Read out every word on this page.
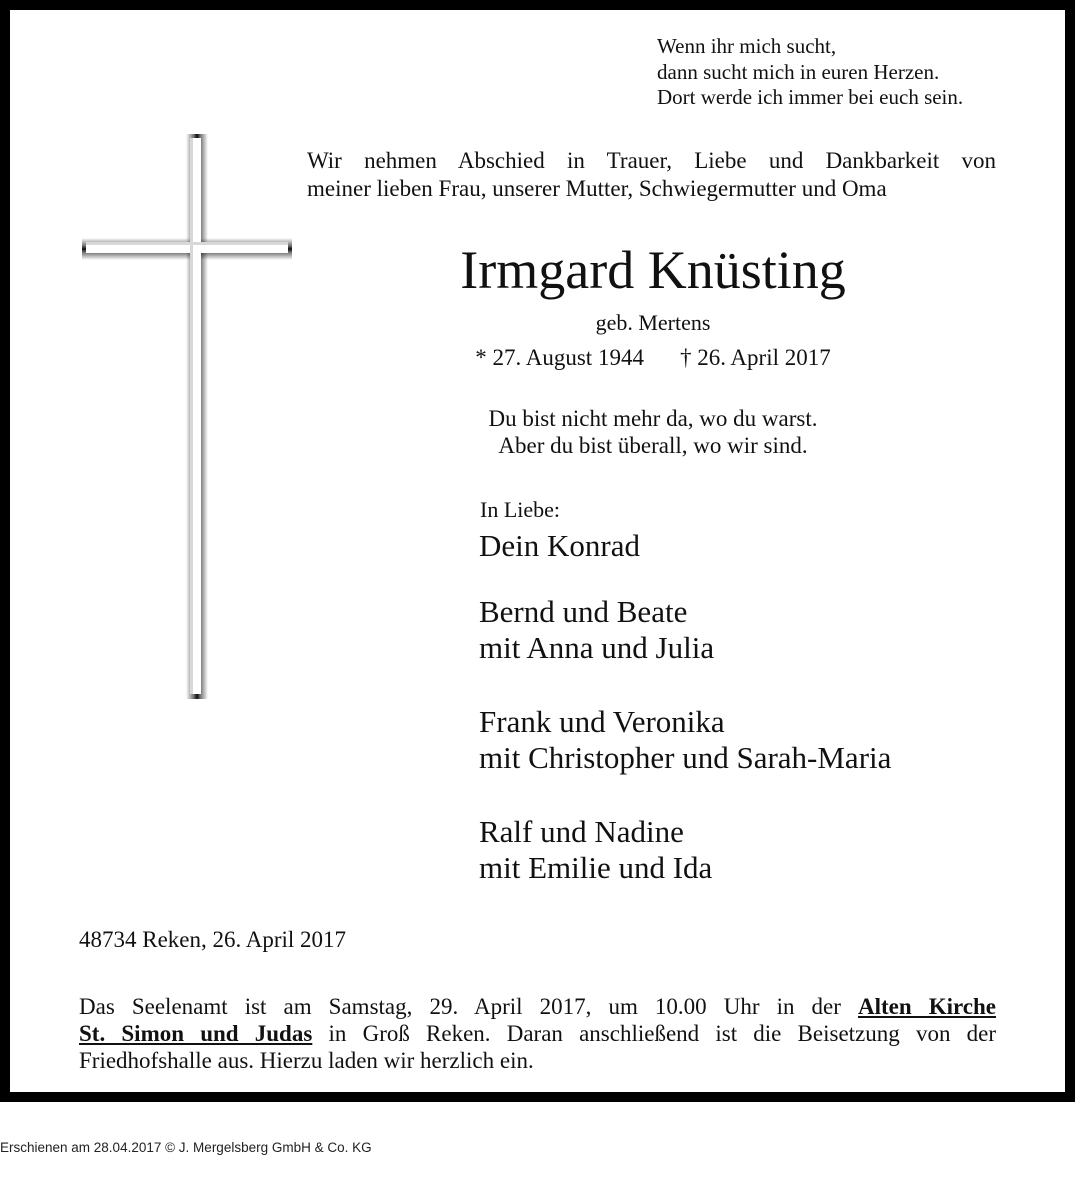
Wenn ihr mich sucht,
dann sucht mich in euren Herzen.
Dort werde ich immer bei euch sein.
Wir nehmen Abschied in Trauer, Liebe und Dankbarkeit von
meiner lieben Frau, unserer Mutter, Schwiegermutter und Oma
Irmgard Knüsting
geb. Mertens
* 27. August 1944 † 26. April 2017
Du bist nicht mehr da, wo du warst.
Aber du bist überall, wo wir sind.
In Liebe:
Dein Konrad
Bernd und Beate
mit Anna und Julia
Frank und Veronika
mit Christopher und Sarah-Maria
Ralf und Nadine
mit Emilie und Ida
48734 Reken, 26. April 2017
Das Seelenamt ist am Samstag, 29. April 2017, um 10.00 Uhr in der Alten Kirche
St. Simon und Judas in Groß Reken. Daran anschließend ist die Beisetzung von der
Friedhofshalle aus. Hierzu laden wir herzlich ein.
Erschienen am 28.04.2017 © J. Mergelsberg GmbH & Co. KG
